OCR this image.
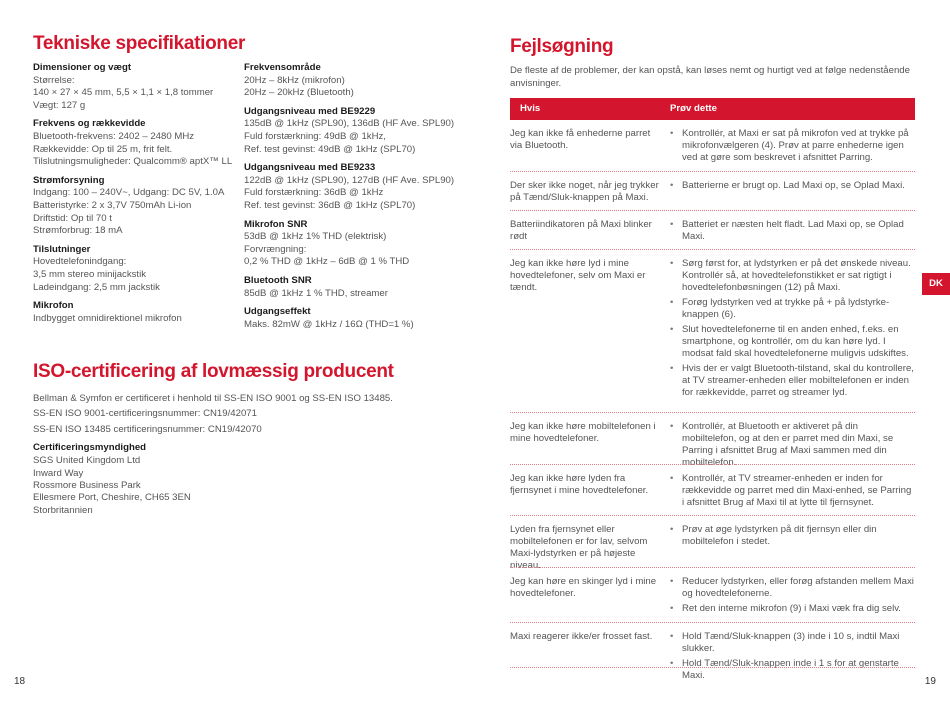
Tekniske specifikationer
Dimensioner og vægt
Størrelse:
140 × 27 × 45 mm, 5,5 × 1,1 × 1,8 tommer
Vægt: 127 g
Frekvens og rækkevidde
Bluetooth-frekvens: 2402 – 2480 MHz
Rækkevidde: Op til 25 m, frit felt.
Tilslutningsmuligheder: Qualcomm® aptX™ LL
Strømforsyning
Indgang: 100 – 240V~, Udgang: DC 5V, 1.0A
Batteristyrke: 2 x 3,7V 750mAh Li-ion
Driftstid: Op til 70 t
Strømforbrug: 18 mA
Tilslutninger
Hovedtelefonindgang:
3,5 mm stereo minijackstik
Ladeindgang: 2,5 mm jackstik
Mikrofon
Indbygget omnidirektionel mikrofon
Frekvensområde
20Hz – 8kHz (mikrofon)
20Hz – 20kHz (Bluetooth)
Udgangsniveau med BE9229
135dB @ 1kHz (SPL90), 136dB (HF Ave. SPL90)
Fuld forstærkning: 49dB @ 1kHz,
Ref. test gevinst: 49dB @ 1kHz (SPL70)
Udgangsniveau med BE9233
122dB @ 1kHz (SPL90), 127dB (HF Ave. SPL90)
Fuld forstærkning: 36dB @ 1kHz
Ref. test gevinst: 36dB @ 1kHz (SPL70)
Mikrofon SNR
53dB @ 1kHz 1% THD (elektrisk)
Forvrængning:
0,2 % THD @ 1kHz – 6dB @ 1 % THD
Bluetooth SNR
85dB @ 1kHz 1 % THD, streamer
Udgangseffekt
Maks. 82mW @ 1kHz / 16Ω (THD=1 %)
ISO-certificering af lovmæssig producent
Bellman & Symfon er certificeret i henhold til SS-EN ISO 9001 og SS-EN ISO 13485.
SS-EN ISO 9001-certificeringsnummer: CN19/42071
SS-EN ISO 13485 certificeringsnummer: CN19/42070
Certificeringsmyndighed
SGS United Kingdom Ltd
Inward Way
Rossmore Business Park
Ellesmere Port, Cheshire, CH65 3EN
Storbritannien
18
Fejlsøgning
De fleste af de problemer, der kan opstå, kan løses nemt og hurtigt ved at følge nedenstående anvisninger.
Hvis	Prøv dette
Jeg kan ikke få enhederne parret via Bluetooth.
• Kontrollér, at Maxi er sat på mikrofon ved at trykke på mikrofonvælgeren (4). Prøv at parre enhederne igen ved at gøre som beskrevet i afsnittet Parring.
Der sker ikke noget, når jeg trykker på Tænd/Sluk-knappen på Maxi.
• Batterierne er brugt op. Lad Maxi op, se Oplad Maxi.
Batteriindikatoren på Maxi blinker rødt
• Batteriet er næsten helt fladt. Lad Maxi op, se Oplad Maxi.
Jeg kan ikke høre lyd i mine hovedtelefoner, selv om Maxi er tændt.
• Sørg først for, at lydstyrken er på det ønskede niveau. Kontrollér så, at hovedtelefonstikket er sat rigtigt i hovedtelefonbøsningen (12) på Maxi.
• Forøg lydstyrken ved at trykke på + på lydstyrke-knappen (6).
• Slut hovedtelefonerne til en anden enhed, f.eks. en smartphone, og kontrollér, om du kan høre lyd. I modsat fald skal hovedtelefonerne muligvis udskiftes.
• Hvis der er valgt Bluetooth-tilstand, skal du kontrollere, at TV streamer-enheden eller mobiltelefonen er inden for rækkevidde, parret og streamer lyd.
Jeg kan ikke høre mobiltelefonen i mine hovedtelefoner.
• Kontrollér, at Bluetooth er aktiveret på din mobiltelefon, og at den er parret med din Maxi, se Parring i afsnittet Brug af Maxi sammen med din mobiltelefon.
Jeg kan ikke høre lyden fra fjernsynet i mine hovedtelefoner.
• Kontrollér, at TV streamer-enheden er inden for rækkevidde og parret med din Maxi-enhed, se Parring i afsnittet Brug af Maxi til at lytte til fjernsynet.
Lyden fra fjernsynet eller mobiltelefonen er for lav, selvom Maxi-lydstyrken er på højeste niveau.
• Prøv at øge lydstyrken på dit fjernsyn eller din mobiltelefon i stedet.
Jeg kan høre en skinger lyd i mine hovedtelefoner.
• Reducer lydstyrken, eller forøg afstanden mellem Maxi og hovedtelefonerne.
• Ret den interne mikrofon (9) i Maxi væk fra dig selv.
Maxi reagerer ikke/er frosset fast.
•	Hold Tænd/Sluk-knappen (3) inde i 10 s, indtil Maxi slukker.
• Hold Tænd/Sluk-knappen inde i 1 s for at genstarte Maxi.
DK
19
